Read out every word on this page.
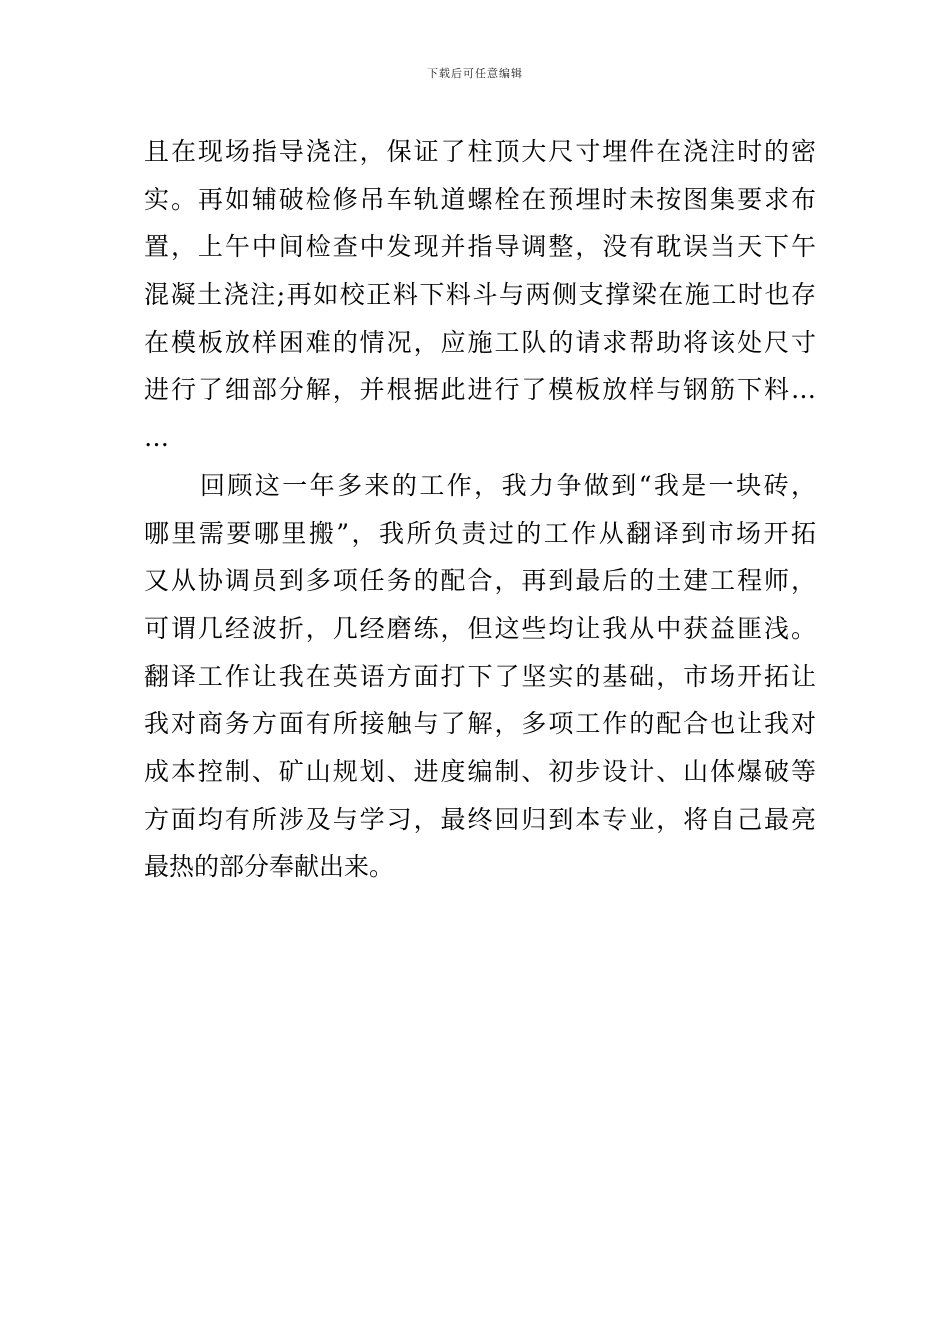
下载后可任意编辑
且在现场指导浇注，保证了柱顶大尺寸埋件在浇注时的密
实。再如辅破检修吊车轨道螺栓在预埋时未按图集要求布
置，上午中间检查中发现并指导调整，没有耽误当天下午
混凝土浇注;再如校正料下料斗与两侧支撑梁在施工时也存
在模板放样困难的情况，应施工队的请求帮助将该处尺寸
进行了细部分解，并根据此进行了模板放样与钢筋下料…
…
回顾这一年多来的工作，我力争做到“我是一块砖，
哪里需要哪里搬”，我所负责过的工作从翻译到市场开拓
又从协调员到多项任务的配合，再到最后的土建工程师，
可谓几经波折，几经磨练，但这些均让我从中获益匪浅。
翻译工作让我在英语方面打下了坚实的基础，市场开拓让
我对商务方面有所接触与了解，多项工作的配合也让我对
成本控制、矿山规划、进度编制、初步设计、山体爆破等
方面均有所涉及与学习，最终回归到本专业，将自己最亮
最热的部分奉献出来。
